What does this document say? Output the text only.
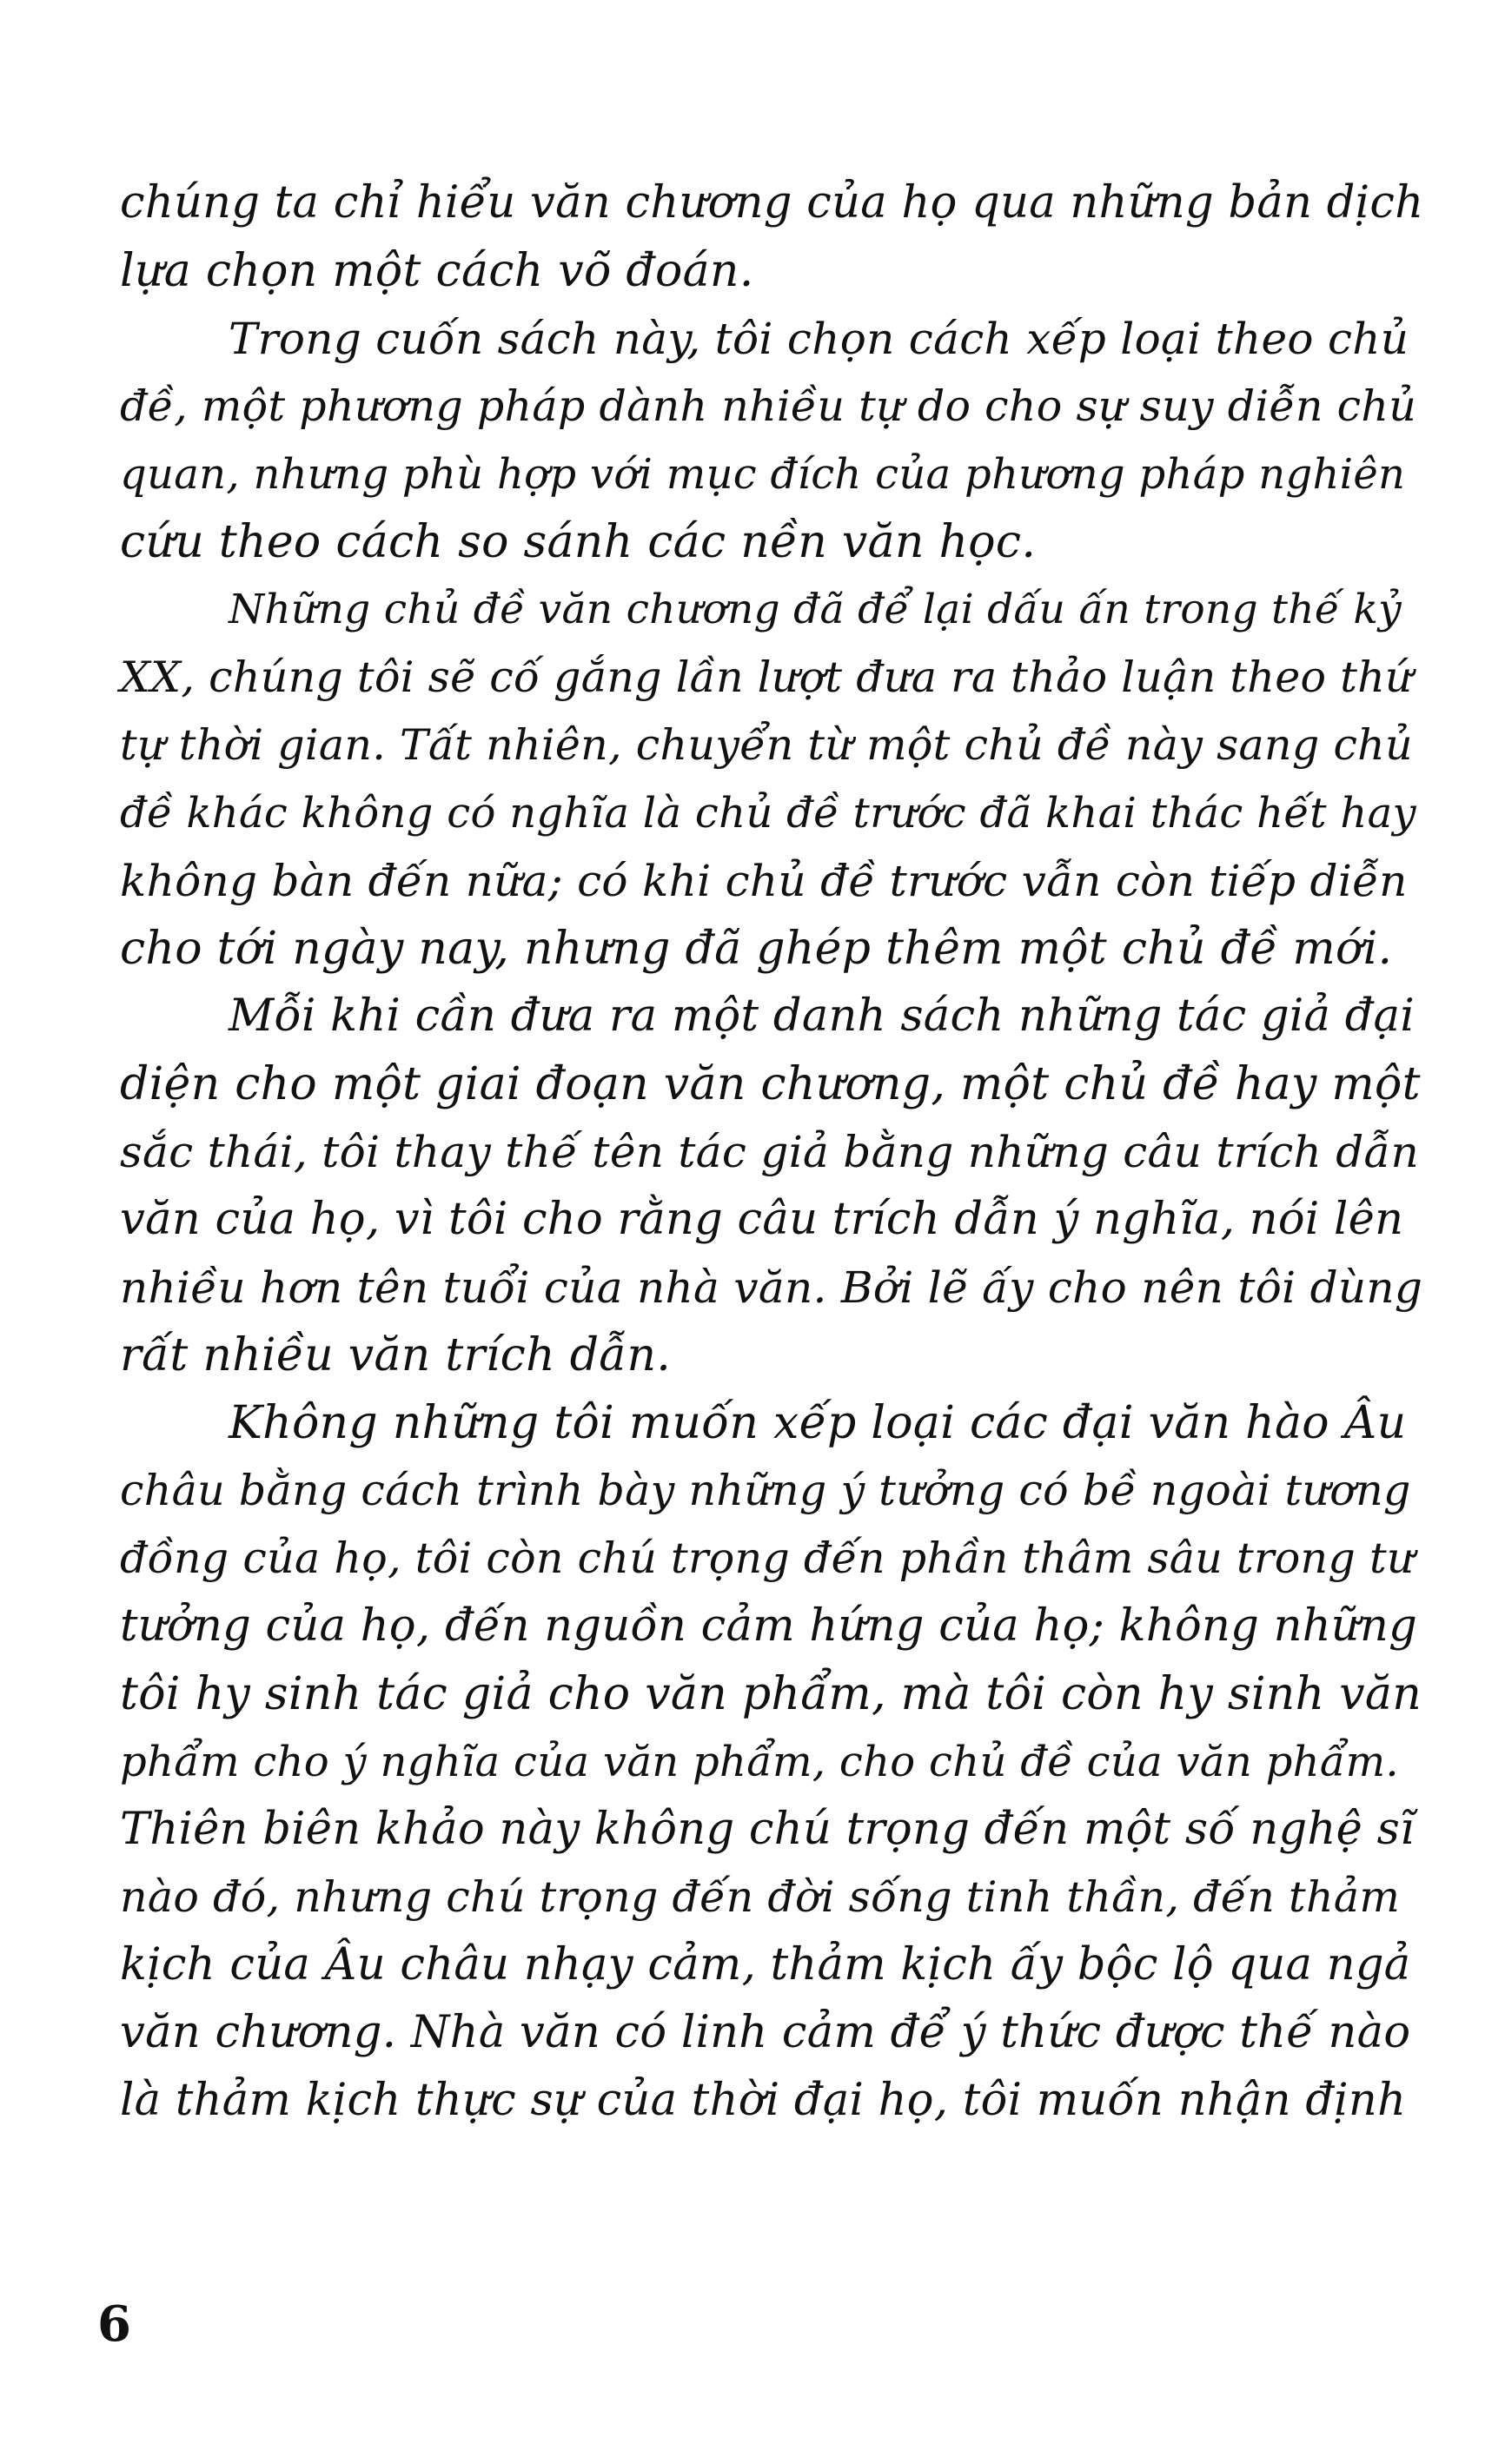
chúng ta chỉ hiểu văn chương của họ qua những bản dịch
lựa chọn một cách võ đoán.
Trong cuốn sách này, tôi chọn cách xếp loại theo chủ
đề, một phương pháp dành nhiều tự do cho sự suy diễn chủ
quan, nhưng phù hợp với mục đích của phương pháp nghiên
cứu theo cách so sánh các nền văn học.
Những chủ đề văn chương đã để lại dấu ấn trong thế kỷ
XX, chúng tôi sẽ cố gắng lần lượt đưa ra thảo luận theo thứ
tự thời gian. Tất nhiên, chuyển từ một chủ đề này sang chủ
đề khác không có nghĩa là chủ đề trước đã khai thác hết hay
không bàn đến nữa; có khi chủ đề trước vẫn còn tiếp diễn
cho tới ngày nay, nhưng đã ghép thêm một chủ đề mới.
Mỗi khi cần đưa ra một danh sách những tác giả đại
diện cho một giai đoạn văn chương, một chủ đề hay một
sắc thái, tôi thay thế tên tác giả bằng những câu trích dẫn
văn của họ, vì tôi cho rằng câu trích dẫn ý nghĩa, nói lên
nhiều hơn tên tuổi của nhà văn. Bởi lẽ ấy cho nên tôi dùng
rất nhiều văn trích dẫn.
Không những tôi muốn xếp loại các đại văn hào Âu
châu bằng cách trình bày những ý tưởng có bề ngoài tương
đồng của họ, tôi còn chú trọng đến phần thâm sâu trong tư
tưởng của họ, đến nguồn cảm hứng của họ; không những
tôi hy sinh tác giả cho văn phẩm, mà tôi còn hy sinh văn
phẩm cho ý nghĩa của văn phẩm, cho chủ đề của văn phẩm.
Thiên biên khảo này không chú trọng đến một số nghệ sĩ
nào đó, nhưng chú trọng đến đời sống tinh thần, đến thảm
kịch của Âu châu nhạy cảm, thảm kịch ấy bộc lộ qua ngả
văn chương. Nhà văn có linh cảm để ý thức được thế nào
là thảm kịch thực sự của thời đại họ, tôi muốn nhận định
6
